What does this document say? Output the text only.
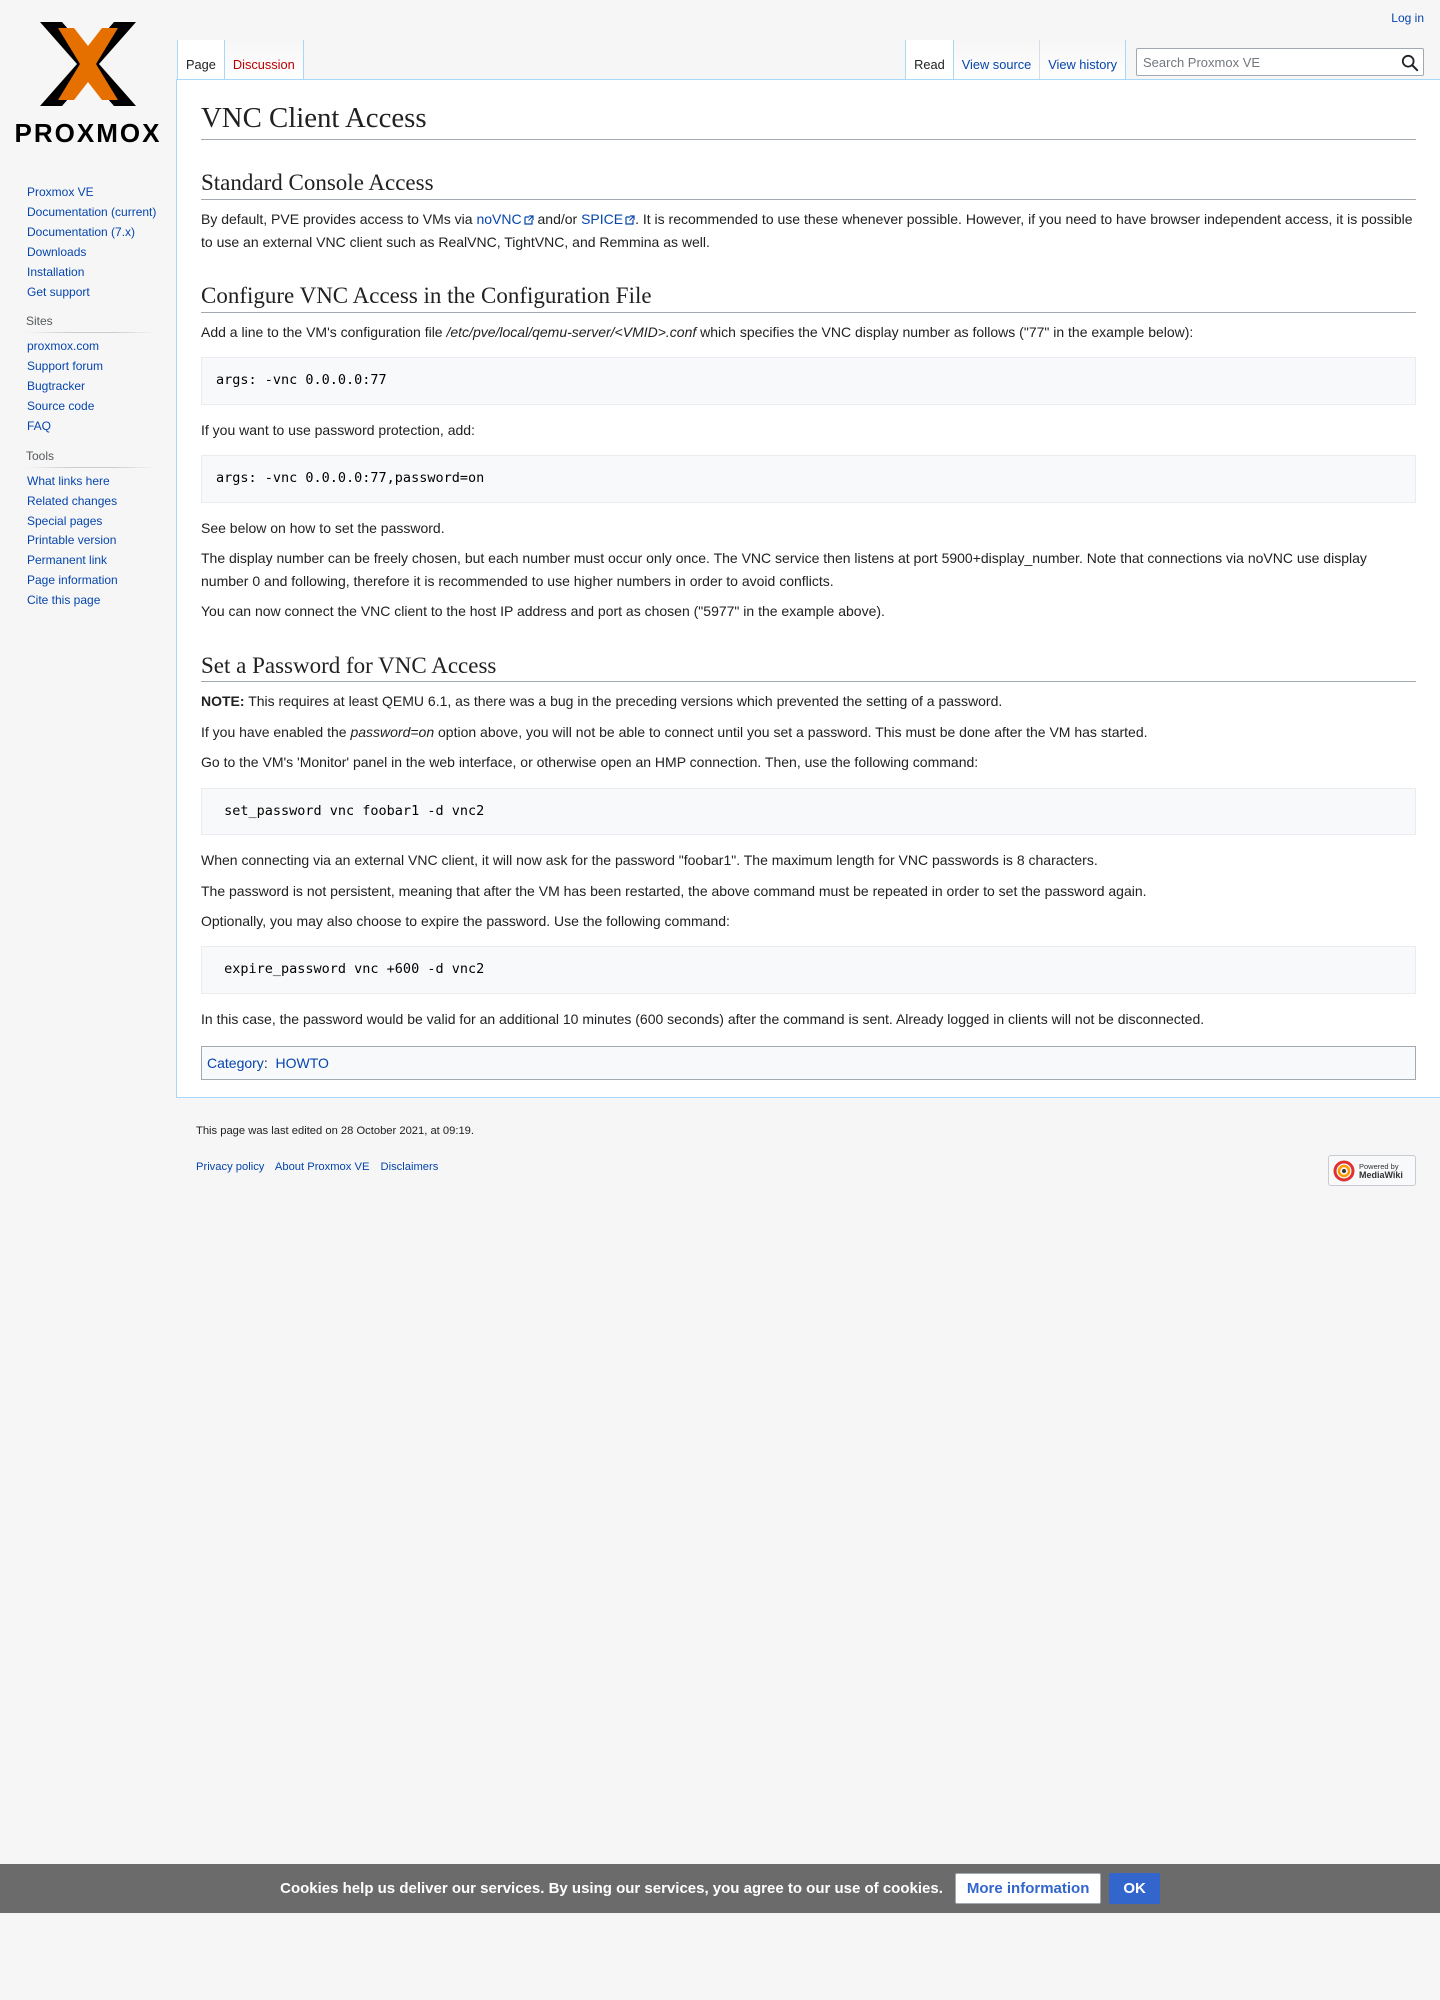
PROXMOX
Log in
Page	Discussion	Read	View source	View history
Search Proxmox VE
Proxmox VE
Documentation (current)
Documentation (7.x)
Downloads
Installation
Get support
Sites
proxmox.com
Support forum
Bugtracker
Source code
FAQ
Tools
What links here
Related changes
Special pages
Printable version
Permanent link
Page information
Cite this page
VNC Client Access
Standard Console Access

By default, PVE provides access to VMs via noVNC and/or SPICE . It is recommended to use these whenever possible. However, if you need to have browser independent access, it is possible to use an external VNC client such as RealVNC, TightVNC, and Remmina as well.

Configure VNC Access in the Configuration File

Add a line to the VM's configuration file /etc/pve/local/qemu-server/<VMID>.conf which specifies the VNC display number as follows ("77" in the example below):

args: -vnc 0.0.0.0:77

If you want to use password protection, add:

args: -vnc 0.0.0.0:77,password=on

See below on how to set the password.

The display number can be freely chosen, but each number must occur only once. The VNC service then listens at port 5900+display_number. Note that connections via noVNC use display number 0 and following, therefore it is recommended to use higher numbers in order to avoid conflicts.

You can now connect the VNC client to the host IP address and port as chosen ("5977" in the example above).

Set a Password for VNC Access

NOTE: This requires at least QEMU 6.1, as there was a bug in the preceding versions which prevented the setting of a password.

If you have enabled the password=on option above, you will not be able to connect until you set a password. This must be done after the VM has started.

Go to the VM's 'Monitor' panel in the web interface, or otherwise open an HMP connection. Then, use the following command:

set_password vnc foobar1 -d vnc2

When connecting via an external VNC client, it will now ask for the password "foobar1". The maximum length for VNC passwords is 8 characters.

The password is not persistent, meaning that after the VM has been restarted, the above command must be repeated in order to set the password again.

Optionally, you may also choose to expire the password. Use the following command:

expire_password vnc +600 -d vnc2

In this case, the password would be valid for an additional 10 minutes (600 seconds) after the command is sent. Already logged in clients will not be disconnected.

Category:  HOWTO
This page was last edited on 28 October 2021, at 09:19.
Privacy policy About Proxmox VE Disclaimers	Powered by
MediaWiki
Cookies help us deliver our services. By using our services, you agree to our use of cookies.	More information	OK
